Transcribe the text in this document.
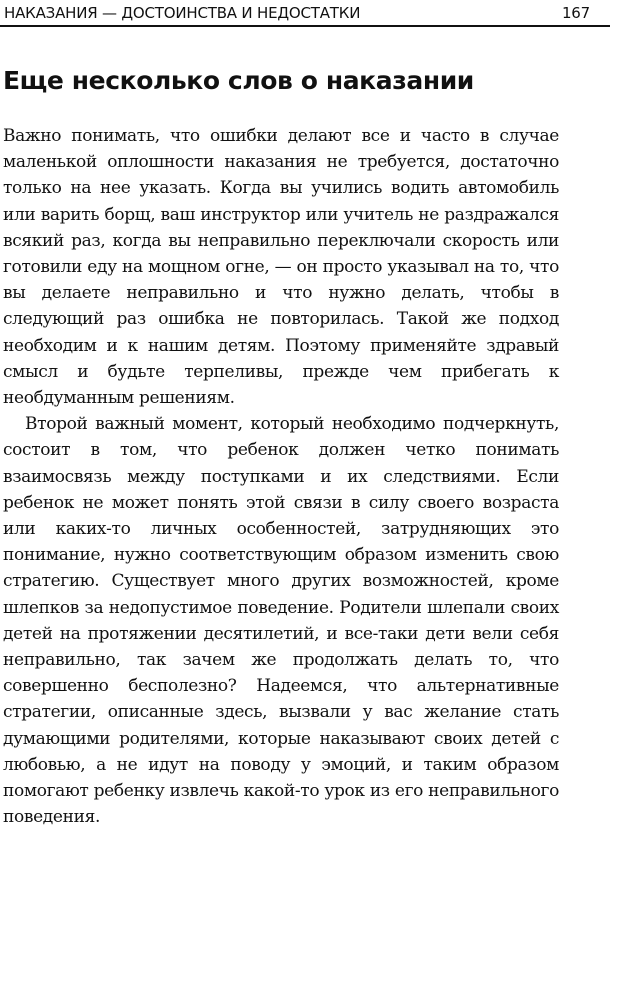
НАКАЗАНИЯ — ДОСТОИНСТВА И НЕДОСТАТКИ	167
Еще несколько слов о наказании

Важно понимать, что ошибки делают все и часто в случае маленькой оплошности наказания не требуется, достаточно только на нее указать. Когда вы учились водить автомобиль или варить борщ, ваш инструктор или учитель не раздражался всякий раз, когда вы неправильно переключали скорость или готовили еду на мощном огне, — он просто указывал на то, что вы делаете неправильно и что нужно делать, чтобы в следующий раз ошибка не повторилась. Такой же подход необходим и к нашим детям. Поэтому применяйте здравый смысл и будьте терпеливы, прежде чем прибегать к необдуманным решениям.

Второй важный момент, который необходимо подчеркнуть, состоит в том, что ребенок должен четко понимать взаимосвязь между поступками и их следствиями. Если ребенок не может понять этой связи в силу своего возраста или каких-то личных особенностей, затрудняющих это понимание, нужно соответствующим образом изменить свою стратегию. Существует много других возможностей, кроме шлепков за недопустимое поведение. Родители шлепали своих детей на протяжении десятилетий, и все-таки дети вели себя неправильно, так зачем же продолжать делать то, что совершенно бесполезно? Надеемся, что альтернативные стратегии, описанные здесь, вызвали у вас желание стать думающими родителями, которые наказывают своих детей с любовью, а не идут на поводу у эмоций, и таким образом помогают ребенку извлечь какой-то урок из его неправильного поведения.
